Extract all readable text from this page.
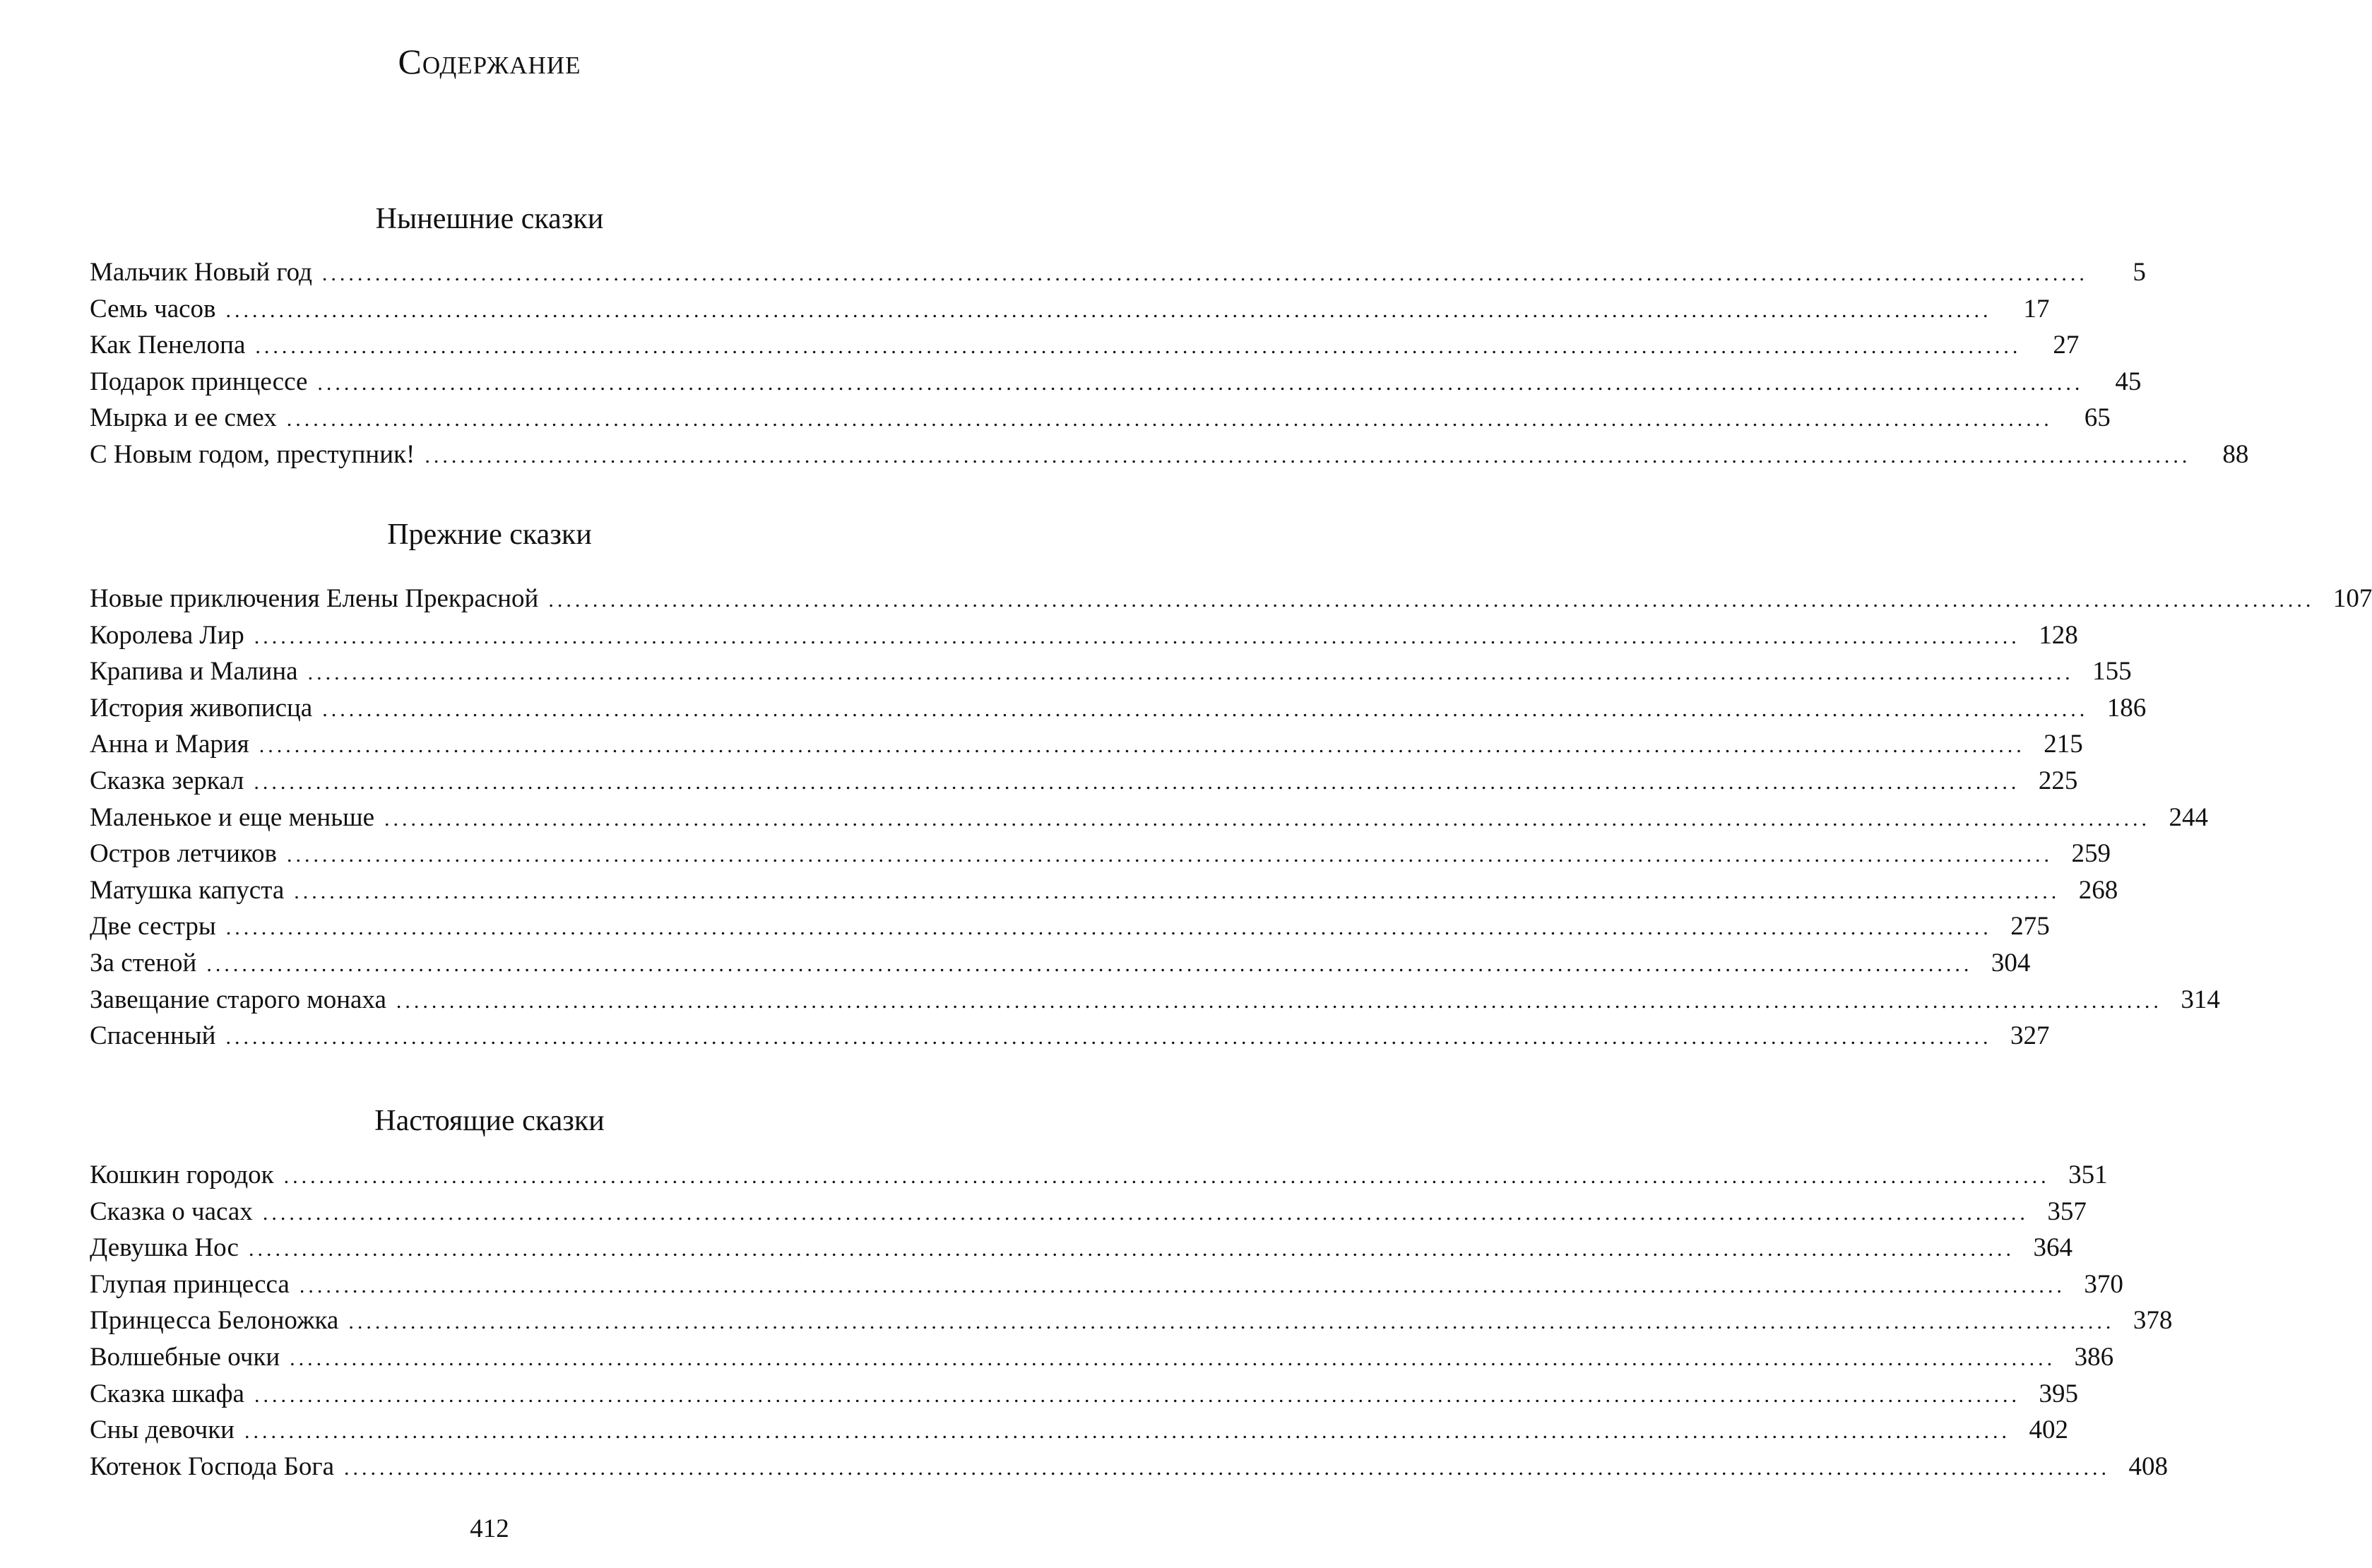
Содержание
Нынешние сказки
Мальчик Новый год ........................................................................................................................................................................................................	5
Семь часов ........................................................................................................................................................................................................	17
Как Пенелопа ........................................................................................................................................................................................................	27
Подарок принцессе ........................................................................................................................................................................................................	45
Мырка и ее смех ........................................................................................................................................................................................................	65
С Новым годом, преступник! ........................................................................................................................................................................................................	88
Прежние сказки
Новые приключения Елены Прекрасной ........................................................................................................................................................................................................ 107
Королева Лир ........................................................................................................................................................................................................ 128
Крапива и Малина ........................................................................................................................................................................................................ 155
История живописца ........................................................................................................................................................................................................ 186
Анна и Мария ........................................................................................................................................................................................................ 215
Сказка зеркал ........................................................................................................................................................................................................ 225
Маленькое и еще меньше ........................................................................................................................................................................................................ 244
Остров летчиков ........................................................................................................................................................................................................ 259
Матушка капуста ........................................................................................................................................................................................................ 268
Две сестры ........................................................................................................................................................................................................ 275
За стеной ........................................................................................................................................................................................................ 304
Завещание старого монаха ........................................................................................................................................................................................................ 314
Спасенный ........................................................................................................................................................................................................ 327
Настоящие сказки
Кошкин городок ........................................................................................................................................................................................................ 351
Сказка о часах ........................................................................................................................................................................................................ 357
Девушка Нос ........................................................................................................................................................................................................ 364
Глупая принцесса ........................................................................................................................................................................................................ 370
Принцесса Белоножка ........................................................................................................................................................................................................ 378
Волшебные очки ........................................................................................................................................................................................................ 386
Сказка шкафа ........................................................................................................................................................................................................ 395
Сны девочки ........................................................................................................................................................................................................ 402
Котенок Господа Бога ........................................................................................................................................................................................................ 408
412
